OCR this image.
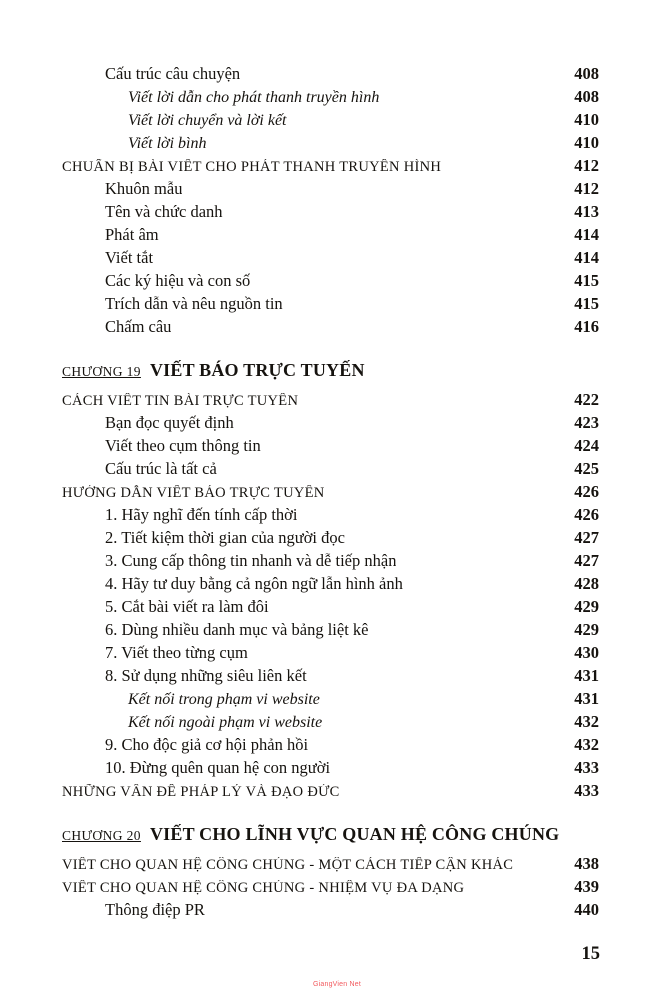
Cấu trúc câu chuyện	408
Viết lời dẫn cho phát thanh truyền hình	408
Viết lời chuyển và lời kết	410
Viết lời bình	410
CHUẨN BỊ BÀI VIẾT CHO PHÁT THANH TRUYỀN HÌNH	412
Khuôn mẫu	412
Tên và chức danh	413
Phát âm	414
Viết tắt	414
Các ký hiệu và con số	415
Trích dẫn và nêu nguồn tin	415
Chấm câu	416
CHƯƠNG 19 VIẾT BÁO TRỰC TUYẾN
CÁCH VIẾT TIN BÀI TRỰC TUYẾN	422
Bạn đọc quyết định	423
Viết theo cụm thông tin	424
Cấu trúc là tất cả	425
HƯỚNG DẪN VIẾT BÁO TRỰC TUYẾN	426
1. Hãy nghĩ đến tính cấp thời	426
2. Tiết kiệm thời gian của người đọc	427
3. Cung cấp thông tin nhanh và dễ tiếp nhận	427
4. Hãy tư duy bằng cả ngôn ngữ lẫn hình ảnh	428
5. Cắt bài viết ra làm đôi	429
6. Dùng nhiều danh mục và bảng liệt kê	429
7. Viết theo từng cụm	430
8. Sử dụng những siêu liên kết	431
Kết nối trong phạm vi website	431
Kết nối ngoài phạm vi website	432
9. Cho độc giả cơ hội phản hồi	432
10. Đừng quên quan hệ con người	433
NHỮNG VẤN ĐỀ PHÁP LÝ VÀ ĐẠO ĐỨC	433
CHƯƠNG 20 VIẾT CHO LĨNH VỰC QUAN HỆ CÔNG CHÚNG
VIẾT CHO QUAN HỆ CÔNG CHÚNG - MỘT CÁCH TIẾP CẬN KHÁC	438
VIẾT CHO QUAN HỆ CÔNG CHÚNG - NHIỆM VỤ ĐA DẠNG	439
Thông điệp PR	440
15
GiangVien Net
